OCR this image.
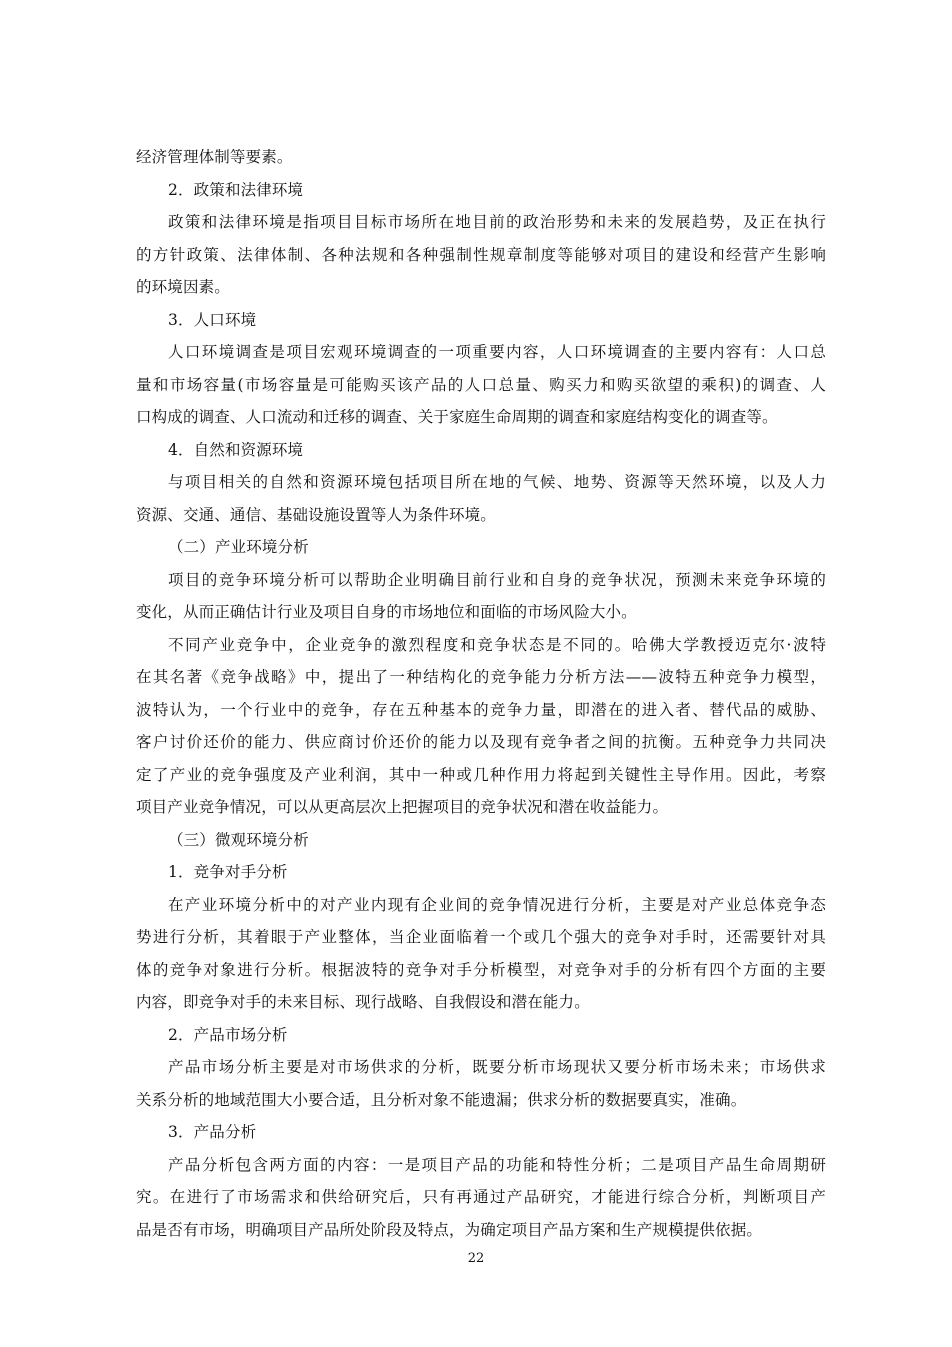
经济管理体制等要素。
2．政策和法律环境
政策和法律环境是指项目目标市场所在地目前的政治形势和未来的发展趋势，及正在执行
的方针政策、法律体制、各种法规和各种强制性规章制度等能够对项目的建设和经营产生影响
的环境因素。
3．人口环境
人口环境调查是项目宏观环境调查的一项重要内容，人口环境调查的主要内容有：人口总
量和市场容量(市场容量是可能购买该产品的人口总量、购买力和购买欲望的乘积)的调查、人
口构成的调查、人口流动和迁移的调查、关于家庭生命周期的调查和家庭结构变化的调查等。
4．自然和资源环境
与项目相关的自然和资源环境包括项目所在地的气候、地势、资源等天然环境，以及人力
资源、交通、通信、基础设施设置等人为条件环境。
（二）产业环境分析
项目的竞争环境分析可以帮助企业明确目前行业和自身的竞争状况，预测未来竞争环境的
变化，从而正确估计行业及项目自身的市场地位和面临的市场风险大小。
不同产业竞争中，企业竞争的激烈程度和竞争状态是不同的。哈佛大学教授迈克尔·波特
在其名著《竞争战略》中，提出了一种结构化的竞争能力分析方法——波特五种竞争力模型，
波特认为，一个行业中的竞争，存在五种基本的竞争力量，即潜在的进入者、替代品的威胁、
客户讨价还价的能力、供应商讨价还价的能力以及现有竞争者之间的抗衡。五种竞争力共同决
定了产业的竞争强度及产业利润，其中一种或几种作用力将起到关键性主导作用。因此，考察
项目产业竞争情况，可以从更高层次上把握项目的竞争状况和潜在收益能力。
（三）微观环境分析
1．竞争对手分析
在产业环境分析中的对产业内现有企业间的竞争情况进行分析，主要是对产业总体竞争态
势进行分析，其着眼于产业整体，当企业面临着一个或几个强大的竞争对手时，还需要针对具
体的竞争对象进行分析。根据波特的竞争对手分析模型，对竞争对手的分析有四个方面的主要
内容，即竞争对手的未来目标、现行战略、自我假设和潜在能力。
2．产品市场分析
产品市场分析主要是对市场供求的分析，既要分析市场现状又要分析市场未来；市场供求
关系分析的地域范围大小要合适，且分析对象不能遗漏；供求分析的数据要真实，准确。
3．产品分析
产品分析包含两方面的内容：一是项目产品的功能和特性分析；二是项目产品生命周期研
究。在进行了市场需求和供给研究后，只有再通过产品研究，才能进行综合分析，判断项目产
品是否有市场，明确项目产品所处阶段及特点，为确定项目产品方案和生产规模提供依据。
22
